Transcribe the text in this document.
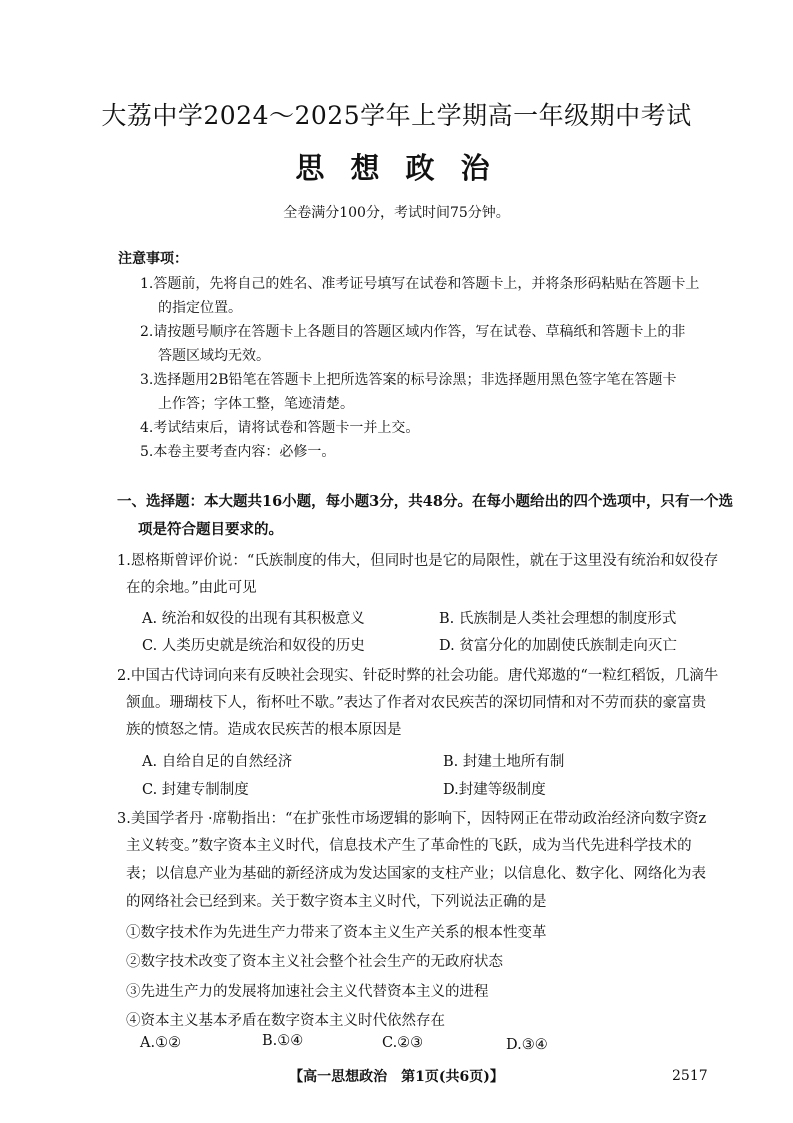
大荔中学2024～2025学年上学期高一年级期中考试
思 想 政 治
全卷满分100分，考试时间75分钟。
注意事项：
1.答题前，先将自己的姓名、准考证号填写在试卷和答题卡上，并将条形码粘贴在答题卡上
的指定位置。
2.请按题号顺序在答题卡上各题目的答题区域内作答，写在试卷、草稿纸和答题卡上的非
答题区域均无效。
3.选择题用2B铅笔在答题卡上把所选答案的标号涂黑；非选择题用黑色签字笔在答题卡
上作答；字体工整，笔迹清楚。
4.考试结束后，请将试卷和答题卡一并上交。
5.本卷主要考查内容：必修一。
一、选择题：本大题共16小题，每小题3分，共48分。在每小题给出的四个选项中，只有一个选
项是符合题目要求的。
1.恩格斯曾评价说：“氏族制度的伟大，但同时也是它的局限性，就在于这里没有统治和奴役存
在的余地。”由此可见
A. 统治和奴役的出现有其积极意义	B. 氏族制是人类社会理想的制度形式
C. 人类历史就是统治和奴役的历史	D. 贫富分化的加剧使氏族制走向灭亡
2.中国古代诗词向来有反映社会现实、针砭时弊的社会功能。唐代郑遨的“一粒红稻饭，几滴牛
颔血。珊瑚枝下人，衔杯吐不歇。”表达了作者对农民疾苦的深切同情和对不劳而获的豪富贵
族的愤怒之情。造成农民疾苦的根本原因是
A. 自给自足的自然经济	B. 封建土地所有制
C. 封建专制制度	D.封建等级制度
3.美国学者丹 ·席勒指出：“在扩张性市场逻辑的影响下，因特网正在带动政治经济向数字资z
主义转变。”数字资本主义时代，信息技术产生了革命性的飞跃，成为当代先进科学技术的
表；以信息产业为基础的新经济成为发达国家的支柱产业；以信息化、数字化、网络化为表
的网络社会已经到来。关于数字资本主义时代，下列说法正确的是
①数字技术作为先进生产力带来了资本主义生产关系的根本性变革
②数字技术改变了资本主义社会整个社会生产的无政府状态
③先进生产力的发展将加速社会主义代替资本主义的进程
④资本主义基本矛盾在数字资本主义时代依然存在
A.①②	B.①④	C.②③	D.③④
【高一思想政治　第1页(共6页)】	2517
